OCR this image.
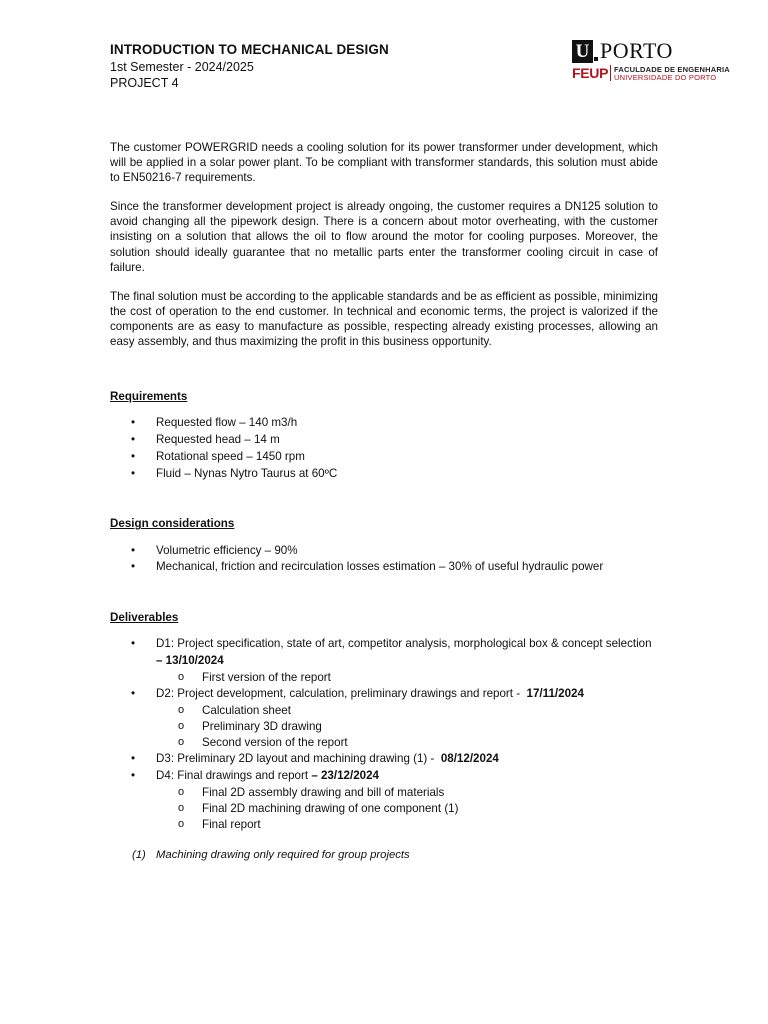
INTRODUCTION TO MECHANICAL DESIGN
1st Semester - 2024/2025
PROJECT 4
U PORTO
FEUP FACULDADE DE ENGENHARIA
UNIVERSIDADE DO PORTO

The customer POWERGRID needs a cooling solution for its power transformer under development, which will be applied in a solar power plant. To be compliant with transformer standards, this solution must abide to EN50216-7 requirements.

Since the transformer development project is already ongoing, the customer requires a DN125 solution to avoid changing all the pipework design. There is a concern about motor overheating, with the customer insisting on a solution that allows the oil to flow around the motor for cooling purposes. Moreover, the solution should ideally guarantee that no metallic parts enter the transformer cooling circuit in case of failure.

The final solution must be according to the applicable standards and be as efficient as possible, minimizing the cost of operation to the end customer. In technical and economic terms, the project is valorized if the components are as easy to manufacture as possible, respecting already existing processes, allowing an easy assembly, and thus maximizing the profit in this business opportunity.

Requirements
• Requested flow – 140 m3/h
• Requested head – 14 m
• Rotational speed – 1450 rpm
• Fluid – Nynas Nytro Taurus at 60ºC
Design considerations
• Volumetric efficiency – 90%
• Mechanical, friction and recirculation losses estimation – 30% of useful hydraulic power
Deliverables
• D1: Project specification, state of art, competitor analysis, morphological box & concept selection – 13/10/2024
o First version of the report
• D2: Project development, calculation, preliminary drawings and report -  17/11/2024
o Calculation sheet
o Preliminary 3D drawing
o Second version of the report
• D3: Preliminary 2D layout and machining drawing (1) -  08/12/2024
• D4: Final drawings and report – 23/12/2024
o Final 2D assembly drawing and bill of materials
o Final 2D machining drawing of one component (1)
o Final report
(1) Machining drawing only required for group projects
